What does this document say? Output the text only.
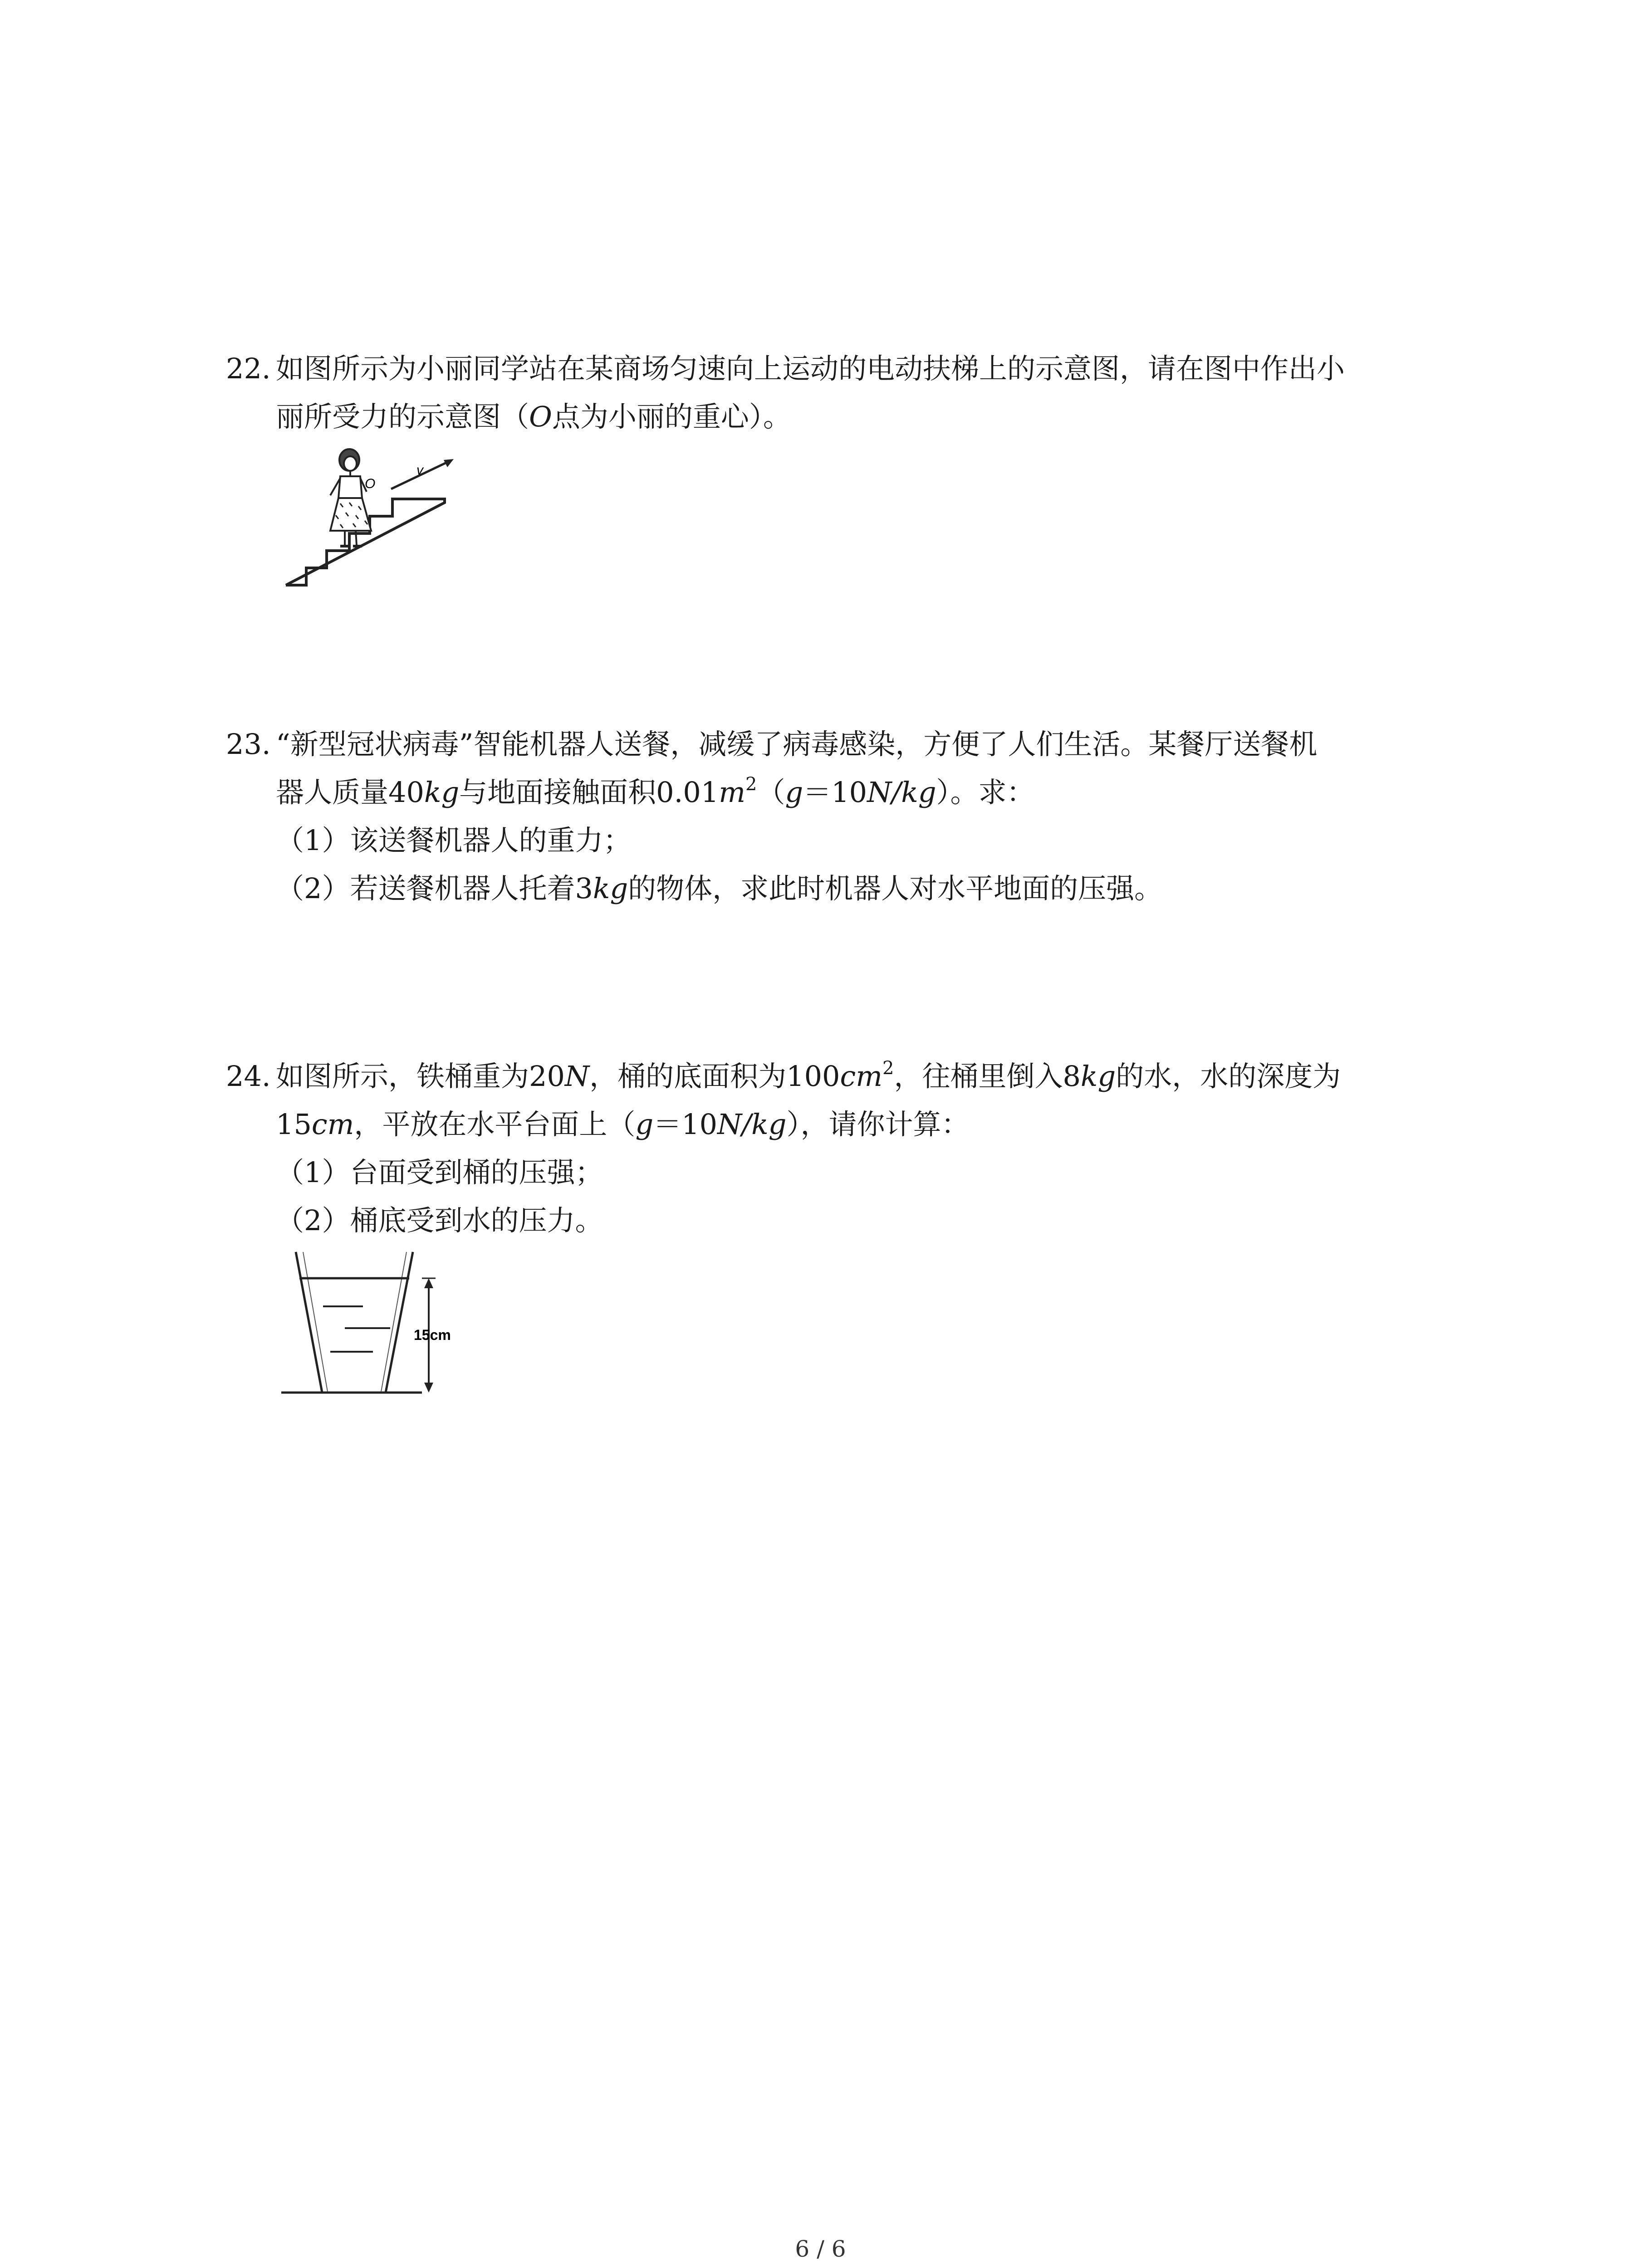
22. 如图所示为小丽同学站在某商场匀速向上运动的电动扶梯上的示意图，请在图中作出小
丽所受力的示意图（O点为小丽的重心）。
v
O
23. “新型冠状病毒”智能机器人送餐，减缓了病毒感染，方便了人们生活。某餐厅送餐机
器人质量40kg与地面接触面积$0.01m^2(g=10N/kg)$。求：
（1）该送餐机器人的重力；
（2）若送餐机器人托着3kg的物体，求此时机器人对水平地面的压强。
24. 如图所示，铁桶重为20N，桶的底面积为$100cm^2$，往桶里倒入8kg的水，水的深度为
15cm，平放在水平台面上（g＝10N/kg），请你计算：
（1）台面受到桶的压强；
（2）桶底受到水的压力。
15cm
6 / 6
